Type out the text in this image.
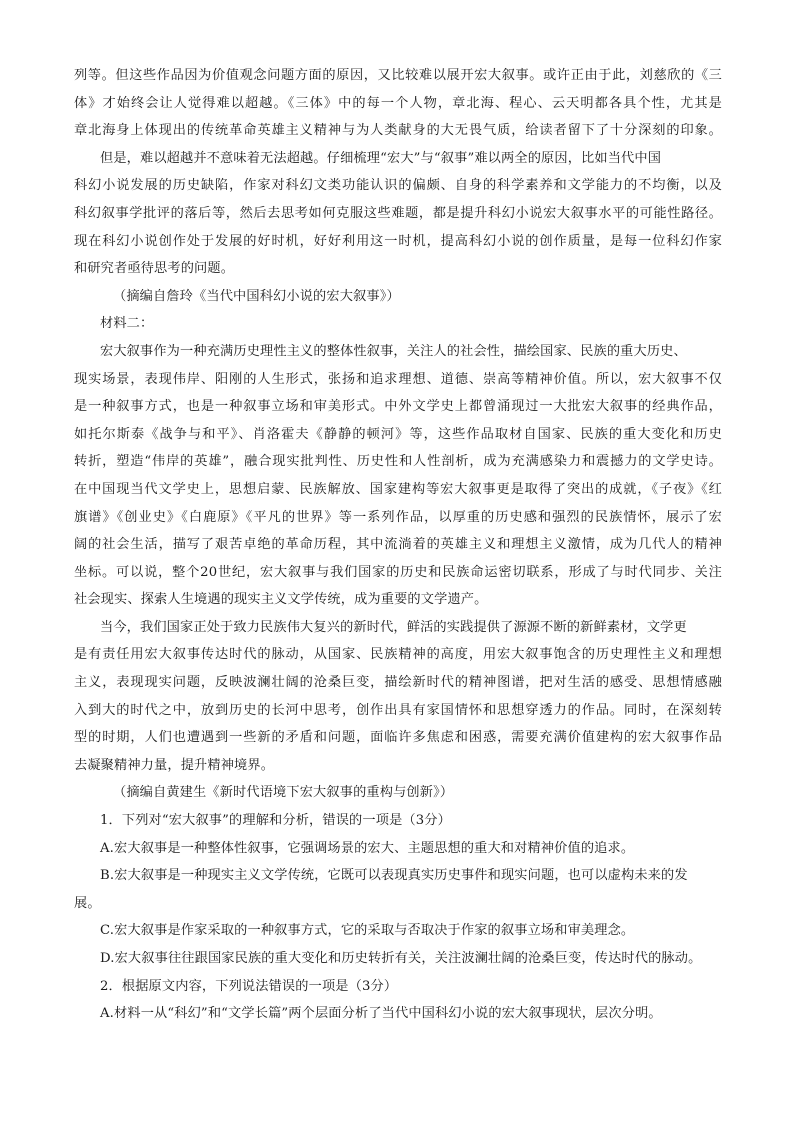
列等。但这些作品因为价值观念问题方面的原因，又比较难以展开宏大叙事。或许正由于此，刘慈欣的《三
体》才始终会让人觉得难以超越。《三体》中的每一个人物，章北海、程心、云天明都各具个性，尤其是
章北海身上体现出的传统革命英雄主义精神与为人类献身的大无畏气质，给读者留下了十分深刻的印象。
但是，难以超越并不意味着无法超越。仔细梳理“宏大”与“叙事”难以两全的原因，比如当代中国
科幻小说发展的历史缺陷，作家对科幻文类功能认识的偏颇、自身的科学素养和文学能力的不均衡，以及
科幻叙事学批评的落后等，然后去思考如何克服这些难题，都是提升科幻小说宏大叙事水平的可能性路径。
现在科幻小说创作处于发展的好时机，好好利用这一时机，提高科幻小说的创作质量，是每一位科幻作家
和研究者亟待思考的问题。
（摘编自詹玲《当代中国科幻小说的宏大叙事》）
材料二：
宏大叙事作为一种充满历史理性主义的整体性叙事，关注人的社会性，描绘国家、民族的重大历史、
现实场景，表现伟岸、阳刚的人生形式，张扬和追求理想、道德、崇高等精神价值。所以，宏大叙事不仅
是一种叙事方式，也是一种叙事立场和审美形式。中外文学史上都曾涌现过一大批宏大叙事的经典作品，
如托尔斯泰《战争与和平》、肖洛霍夫《静静的顿河》等，这些作品取材自国家、民族的重大变化和历史
转折，塑造“伟岸的英雄”，融合现实批判性、历史性和人性剖析，成为充满感染力和震撼力的文学史诗。
在中国现当代文学史上，思想启蒙、民族解放、国家建构等宏大叙事更是取得了突出的成就，《子夜》《红
旗谱》《创业史》《白鹿原》《平凡的世界》等一系列作品，以厚重的历史感和强烈的民族情怀，展示了宏
阔的社会生活，描写了艰苦卓绝的革命历程，其中流淌着的英雄主义和理想主义激情，成为几代人的精神
坐标。可以说，整个20世纪，宏大叙事与我们国家的历史和民族命运密切联系，形成了与时代同步、关注
社会现实、探索人生境遇的现实主义文学传统，成为重要的文学遗产。
当今，我们国家正处于致力民族伟大复兴的新时代，鲜活的实践提供了源源不断的新鲜素材，文学更
是有责任用宏大叙事传达时代的脉动，从国家、民族精神的高度，用宏大叙事饱含的历史理性主义和理想
主义，表现现实问题，反映波澜壮阔的沧桑巨变，描绘新时代的精神图谱，把对生活的感受、思想情感融
入到大的时代之中，放到历史的长河中思考，创作出具有家国情怀和思想穿透力的作品。同时，在深刻转
型的时期，人们也遭遇到一些新的矛盾和问题，面临许多焦虑和困惑，需要充满价值建构的宏大叙事作品
去凝聚精神力量，提升精神境界。
（摘编自黄建生《新时代语境下宏大叙事的重构与创新》）
1．下列对“宏大叙事”的理解和分析，错误的一项是（3分）
A.宏大叙事是一种整体性叙事，它强调场景的宏大、主题思想的重大和对精神价值的追求。
B.宏大叙事是一种现实主义文学传统，它既可以表现真实历史事件和现实问题，也可以虚构未来的发
展。
C.宏大叙事是作家采取的一种叙事方式，它的采取与否取决于作家的叙事立场和审美理念。
D.宏大叙事往往跟国家民族的重大变化和历史转折有关，关注波澜壮阔的沧桑巨变，传达时代的脉动。
2．根据原文内容，下列说法错误的一项是（3分）
A.材料一从“科幻”和“文学长篇”两个层面分析了当代中国科幻小说的宏大叙事现状，层次分明。
